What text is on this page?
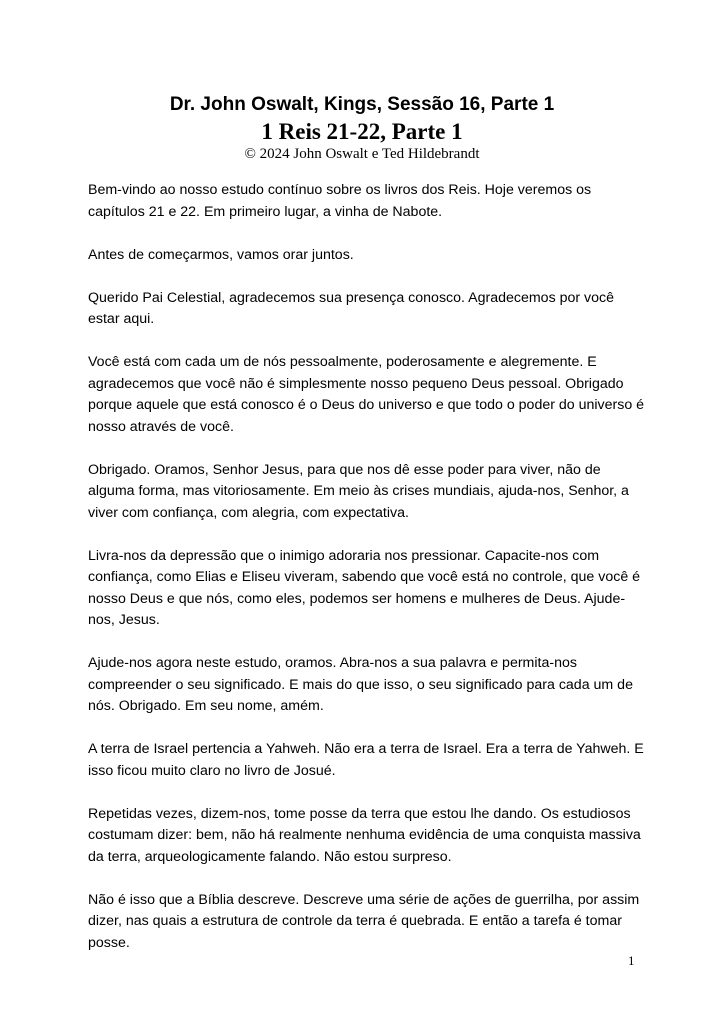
Dr. John Oswalt, Kings, Sessão 16, Parte 1
1 Reis 21-22, Parte 1
© 2024 John Oswalt e Ted Hildebrandt

Bem-vindo ao nosso estudo contínuo sobre os livros dos Reis. Hoje veremos os capítulos 21 e 22. Em primeiro lugar, a vinha de Nabote.

Antes de começarmos, vamos orar juntos.

Querido Pai Celestial, agradecemos sua presença conosco. Agradecemos por você estar aqui.

Você está com cada um de nós pessoalmente, poderosamente e alegremente. E agradecemos que você não é simplesmente nosso pequeno Deus pessoal. Obrigado porque aquele que está conosco é o Deus do universo e que todo o poder do universo é nosso através de você.

Obrigado. Oramos, Senhor Jesus, para que nos dê esse poder para viver, não de alguma forma, mas vitoriosamente. Em meio às crises mundiais, ajuda-nos, Senhor, a viver com confiança, com alegria, com expectativa.

Livra-nos da depressão que o inimigo adoraria nos pressionar. Capacite-nos com confiança, como Elias e Eliseu viveram, sabendo que você está no controle, que você é nosso Deus e que nós, como eles, podemos ser homens e mulheres de Deus. Ajude-nos, Jesus.

Ajude-nos agora neste estudo, oramos. Abra-nos a sua palavra e permita-nos compreender o seu significado. E mais do que isso, o seu significado para cada um de nós. Obrigado. Em seu nome, amém.

A terra de Israel pertencia a Yahweh. Não era a terra de Israel. Era a terra de Yahweh. E isso ficou muito claro no livro de Josué.

Repetidas vezes, dizem-nos, tome posse da terra que estou lhe dando. Os estudiosos costumam dizer: bem, não há realmente nenhuma evidência de uma conquista massiva da terra, arqueologicamente falando. Não estou surpreso.

Não é isso que a Bíblia descreve. Descreve uma série de ações de guerrilha, por assim dizer, nas quais a estrutura de controle da terra é quebrada. E então a tarefa é tomar posse.

1
